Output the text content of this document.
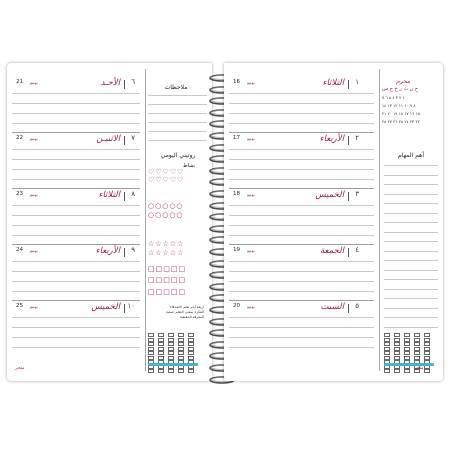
21 يونيو	الأحـد ٦
22 يونيو	الاثنيـن ٧
23 يونيو	الثلاثاء ٨
24 يونيو	الأربعاء ٩
25 يونيو	الخميس ١٠
ملاحظات
روتيني اليومي
نشاط
♡♡♡♡♡
♡♡♡♡♡
○○○○○
○○○○○
☆☆☆☆☆
☆☆☆☆☆
□□□□□
□□□□□
□□□□□
اربعة أيام تعلم الاصدقاء
الفكرة بمعنى التعلم عملية
المعرفة الحقيقية
متجر
16 يونيو	الثلاثاء ١
17 يونيو	الأربعاء ٢
18 يونيو	الخميس ٣
19 يونيو	الجمعة ٤
20 يونيو	السبت ٥
محرم
ح ن ث ر خ ج س
١ ٢ ٣ ٤ ٥ ٦ ٧
٨ ٩ ١٠ ١١ ١٢ ١٣ ١٤
١٥ ١٦ ١٧ ١٨ ١٩ ٢٠ ٢١
٢٢ ٢٣ ٢٤ ٢٥ ٢٦ ٢٧ ٢٨
أهم المهام
متجر
